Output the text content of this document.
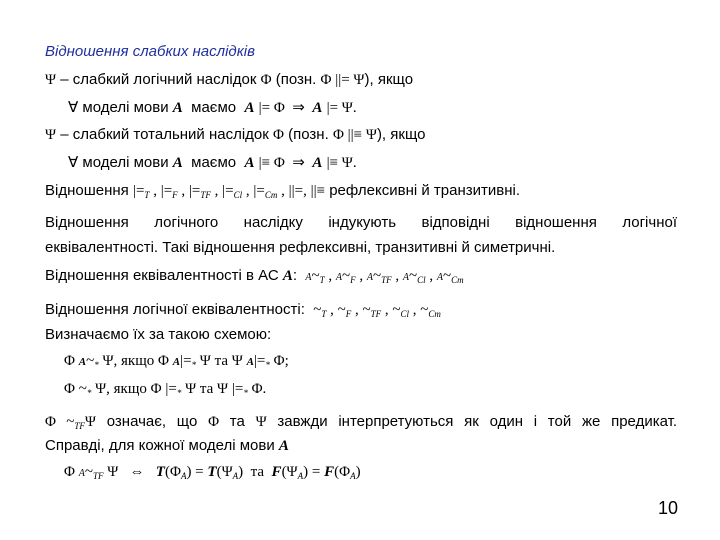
Відношення слабких наслідків
Ψ – слабкий логічний наслідок Φ (позн. Φ ||= Ψ), якщо
∀ моделі мови A  маємо  A |= Φ  ⇒  A |= Ψ.
Ψ – слабкий тотальний наслідок Φ (позн. Φ ||≡ Ψ), якщо
∀ моделі мови A  маємо  A |≡ Φ  ⇒  A |≡ Ψ.
Відношення $|=_T$ , $|=_F$ , $|=_{TF}$ , $|=_{Cl}$ , $|=_{Cm}$ , ||=, ||≡ рефлексивні й транзитивні.
Відношення логічного наслідку індукують відповідні відношення логічної
еквівалентності. Такі відношення рефлексивні, транзитивні й симетричні.
Відношення еквівалентності в АС A:  $A\sim_T$ , $A\sim_F$ , $A\sim_{TF}$ , $A\sim_{Cl}$ , $A\sim_{Cm}$
Відношення логічної еквівалентності:  $\sim_T$ , $\sim_F$ , $\sim_{TF}$ , $\sim_{Cl}$ , $\sim_{Cm}$
Визначаємо їх за такою схемою:
Φ $A\sim_*$ Ψ, якщо Φ $A|=_*$ Ψ та Ψ $A|=_*$ Φ;
Φ $\sim_*$ Ψ, якщо Φ $|=_*$ Ψ та Ψ $|=_*$ Φ.
Φ $\sim_{TF}\Psi$ означає, що Φ та Ψ завжди інтерпретуються як один і той же предикат.
Справді, для кожної моделі мови A
Φ $A\sim_{TF}$ Ψ   ⇔   $T(\Phi_A) = T(\Psi_A)$  та  $F(\Psi_A) = F(\Phi_A)$
10
